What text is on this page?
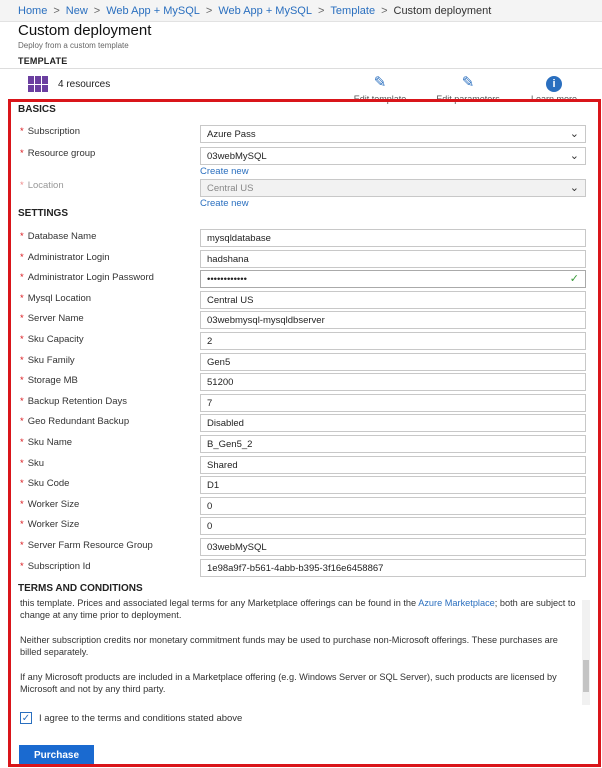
Home > New > Web App + MySQL > Web App + MySQL > Template > Custom deployment
Custom deployment
Deploy from a custom template
TEMPLATE
4 resources	✎
Edit template
✎
Edit parameters
i
Learn more
BASICS
* Subscription	Azure Pass	⌄
* Resource group	03webMySQL	⌄
Create new
* Location	Central US	⌄
Create new
SETTINGS
* Database Name	mysqldatabase
* Administrator Login	hadshana
* Administrator Login Password	••••••••••••	✓
* Mysql Location	Central US
* Server Name	03webmysql-mysqldbserver
* Sku Capacity	2
* Sku Family	Gen5
* Storage MB	51200
* Backup Retention Days	7
* Geo Redundant Backup	Disabled
* Sku Name	B_Gen5_2
* Sku	Shared
* Sku Code	D1
* Worker Size	0
* Worker Size	0
* Server Farm Resource Group	03webMySQL
* Subscription Id	1e98a9f7-b561-4abb-b395-3f16e6458867
TERMS AND CONDITIONS

this template. Prices and associated legal terms for any Marketplace offerings can be found in the Azure Marketplace; both are subject to change at any time prior to deployment.

Neither subscription credits nor monetary commitment funds may be used to purchase non-Microsoft offerings. These purchases are billed separately.

If any Microsoft products are included in a Marketplace offering (e.g. Windows Server or SQL Server), such products are licensed by Microsoft and not by any third party.

✓ I agree to the terms and conditions stated above
Purchase
